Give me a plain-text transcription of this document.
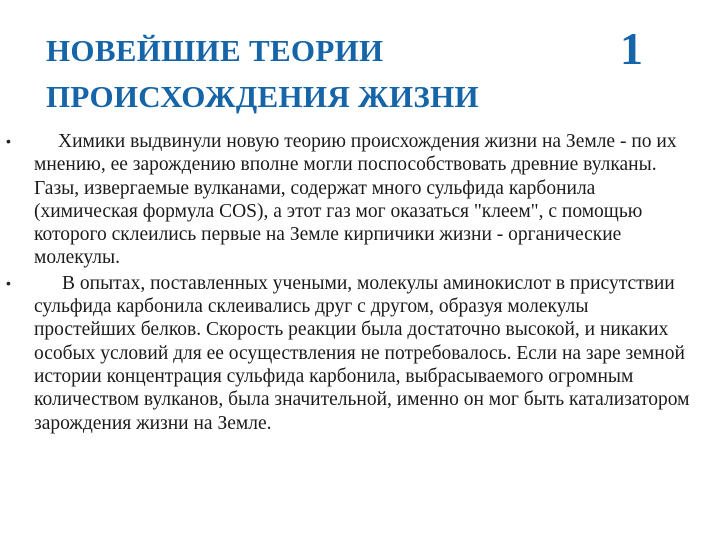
НОВЕЙШИЕ ТЕОРИИ
ПРОИСХОЖДЕНИЯ ЖИЗНИ
1
• Химики выдвинули новую теорию происхождения жизни на Земле - по их мнению, ее зарождению вполне могли поспособствовать древние вулканы. Газы, извергаемые вулканами, содержат много сульфида карбонила (химическая формула COS), а этот газ мог оказаться "клеем", с помощью которого склеились первые на Земле кирпичики жизни - органические молекулы.
•	В опытах, поставленных учеными, молекулы аминокислот в присутствии сульфида карбонила склеивались друг с другом, образуя молекулы простейших белков. Скорость реакции была достаточно высокой, и никаких особых условий для ее осуществления не потребовалось. Если на заре земной истории концентрация сульфида карбонила, выбрасываемого огромным количеством вулканов, была значительной, именно он мог быть катализатором зарождения жизни на Земле.
